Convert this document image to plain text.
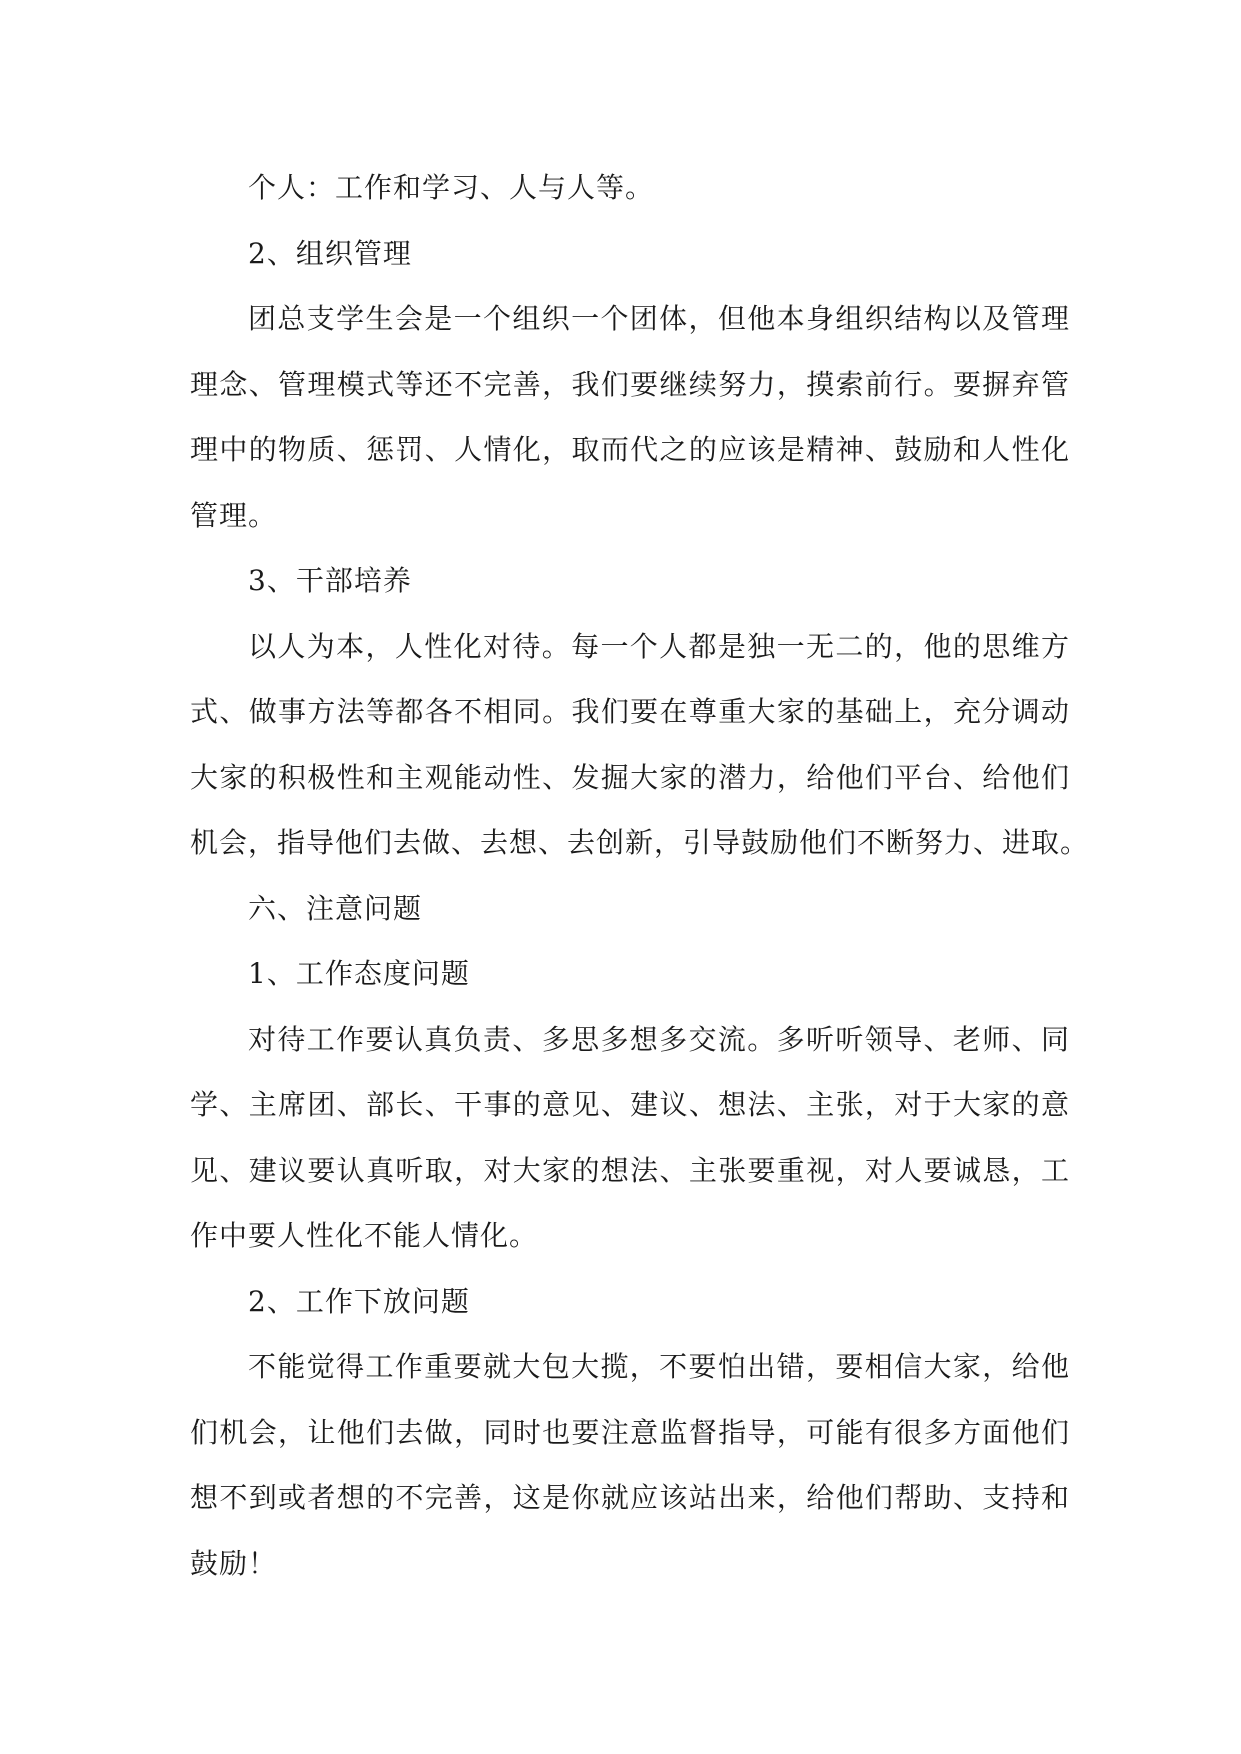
个人：工作和学习、人与人等。
2、组织管理
团总支学生会是一个组织一个团体，但他本身组织结构以及管理
理念、管理模式等还不完善，我们要继续努力，摸索前行。要摒弃管
理中的物质、惩罚、人情化，取而代之的应该是精神、鼓励和人性化
管理。
3、干部培养
以人为本，人性化对待。每一个人都是独一无二的，他的思维方
式、做事方法等都各不相同。我们要在尊重大家的基础上，充分调动
大家的积极性和主观能动性、发掘大家的潜力，给他们平台、给他们
机会，指导他们去做、去想、去创新，引导鼓励他们不断努力、进取。
六、注意问题
1、工作态度问题
对待工作要认真负责、多思多想多交流。多听听领导、老师、同
学、主席团、部长、干事的意见、建议、想法、主张，对于大家的意
见、建议要认真听取，对大家的想法、主张要重视，对人要诚恳，工
作中要人性化不能人情化。
2、工作下放问题
不能觉得工作重要就大包大揽，不要怕出错，要相信大家，给他
们机会，让他们去做，同时也要注意监督指导，可能有很多方面他们
想不到或者想的不完善，这是你就应该站出来，给他们帮助、支持和
鼓励！
